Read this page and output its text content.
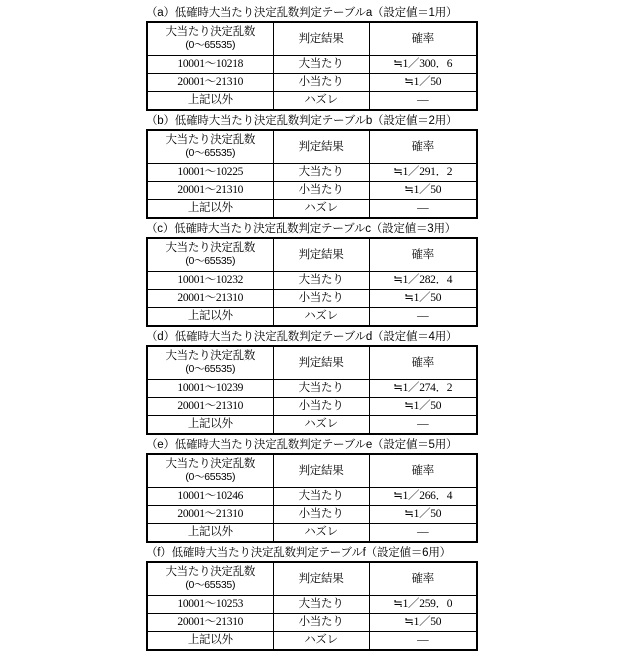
（a）低確時大当たり決定乱数判定テーブルa（設定値＝1用）
大当たり決定乱数
(0～65535)	判定結果	確率
10001～10218	大当たり	≒1／300．6
20001～21310	小当たり	≒1／50
上記以外	ハズレ	—
（b）低確時大当たり決定乱数判定テーブルb（設定値＝2用）
大当たり決定乱数
(0～65535)	判定結果	確率
10001～10225	大当たり	≒1／291．2
20001～21310	小当たり	≒1／50
上記以外	ハズレ	—
（c）低確時大当たり決定乱数判定テーブルc（設定値＝3用）
大当たり決定乱数
(0～65535)	判定結果	確率
10001～10232	大当たり	≒1／282．4
20001～21310	小当たり	≒1／50
上記以外	ハズレ	—
（d）低確時大当たり決定乱数判定テーブルd（設定値＝4用）
大当たり決定乱数
(0～65535)	判定結果	確率
10001～10239	大当たり	≒1／274．2
20001～21310	小当たり	≒1／50
上記以外	ハズレ	—
（e）低確時大当たり決定乱数判定テーブルe（設定値＝5用）
大当たり決定乱数
(0～65535)	判定結果	確率
10001～10246	大当たり	≒1／266．4
20001～21310	小当たり	≒1／50
上記以外	ハズレ	—
（f）低確時大当たり決定乱数判定テーブルf（設定値＝6用）
大当たり決定乱数
(0～65535)	判定結果	確率
10001～10253	大当たり	≒1／259．0
20001～21310	小当たり	≒1／50
上記以外	ハズレ	—
